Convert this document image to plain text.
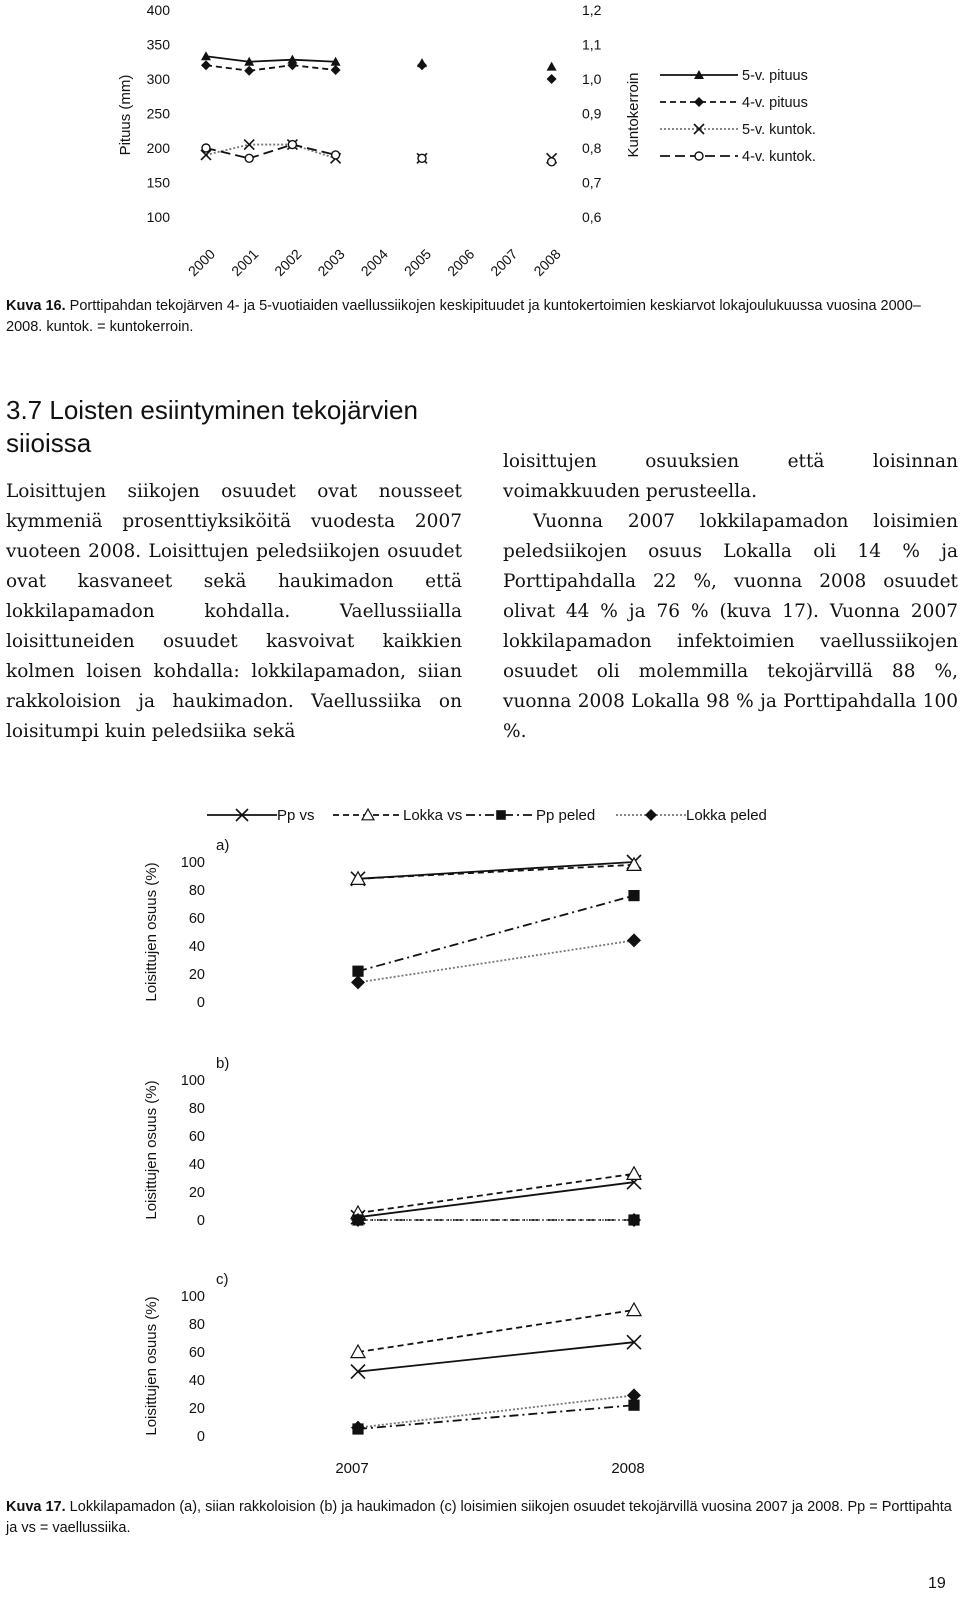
100
150
200
250
300
350
400
0,6
0,7
0,8
0,9
1,0
1,1
1,2
Pituus (mm)	Kuntokerroin
2000 2001 2002 2003 2004 2005 2006 2007 2008
5-v. pituus
4-v. pituus
5-v. kuntok.
4-v. kuntok.
Kuva 16. Porttipahdan tekojärven 4- ja 5-vuotiaiden vaellussiikojen keskipituudet ja kuntokertoimien keskiarvot lokajoulukuussa vuosina 2000–2008. kuntok. = kuntokerroin.
3.7 Loisten esiintyminen tekojärvien siioissa

Loisittujen siikojen osuudet ovat nousseet kymmeniä prosenttiyksiköitä vuodesta 2007 vuoteen 2008. Loisittujen peledsiikojen osuudet ovat kasvaneet sekä haukimadon että lokkilapamadon kohdalla. Vaellussiialla loisittuneiden osuudet kasvoivat kaikkien kolmen loisen kohdalla: lokkilapamadon, siian rakkoloision ja haukimadon. Vaellussiika on loisitumpi kuin peledsiika sekä

loisittujen osuuksien että loisinnan voimakkuuden perusteella.

Vuonna 2007 lokkilapamadon loisimien peledsiikojen osuus Lokalla oli 14 % ja Porttipahdalla 22 %, vuonna 2008 osuudet olivat 44 % ja 76 % (kuva 17). Vuonna 2007 lokkilapamadon infektoimien vaellussiikojen osuudet oli molemmilla tekojärvillä 88 %, vuonna 2008 Lokalla 98 % ja Porttipahdalla 100 %.

Pp vs	Lokka vs	Pp peled	Lokka peled
a)
0
20
40
60
80
100
Loisittujen osuus (%)
b)
0
20
40
60
80
100
Loisittujen osuus (%)
c)
0
20
40
60
80
100
Loisittujen osuus (%)
2007	2008
Kuva 17. Lokkilapamadon (a), siian rakkoloision (b) ja haukimadon (c) loisimien siikojen osuudet tekojärvillä vuosina 2007 ja 2008. Pp = Porttipahta ja vs = vaellussiika.
19
